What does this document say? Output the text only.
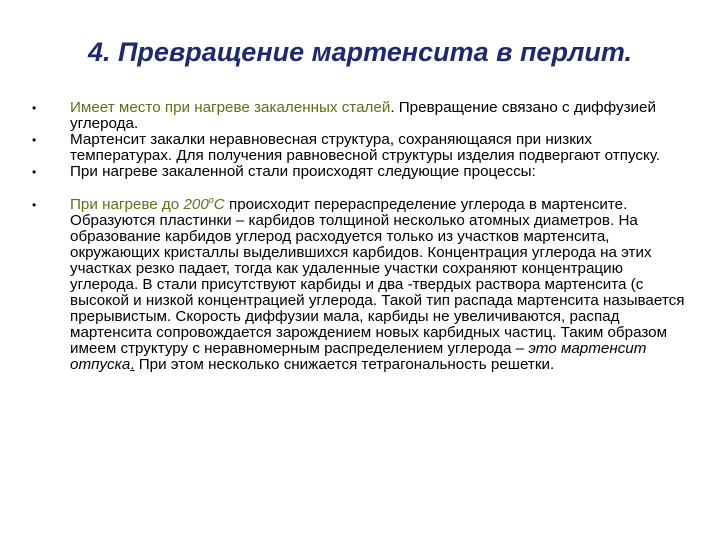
4. Превращение мартенсита в перлит.

• Имеет место при нагреве закаленных сталей. Превращение связано с диффузией углерода.

• Мартенсит закалки неравновесная структура, сохраняющаяся при низких температурах. Для получения равновесной структуры изделия подвергают отпуску.

• При нагреве закаленной стали происходят следующие процессы:

• При нагреве до 200$^o$C происходит перераспределение углерода в мартенсите. Образуются пластинки – карбидов толщиной несколько атомных диаметров. На образование карбидов углерод расходуется только из участков мартенсита, окружающих кристаллы выделившихся карбидов. Концентрация углерода на этих участках резко падает, тогда как удаленные участки сохраняют концентрацию углерода. В стали присутствуют карбиды и два -твердых раствора мартенсита (с высокой и низкой концентрацией углерода. Такой тип распада мартенсита называется прерывистым. Скорость диффузии мала, карбиды не увеличиваются, распад мартенсита сопровождается зарождением новых карбидных частиц. Таким образом имеем структуру с неравномерным распределением углерода – это мартенсит отпуска. При этом несколько снижается тетрагональность решетки.
